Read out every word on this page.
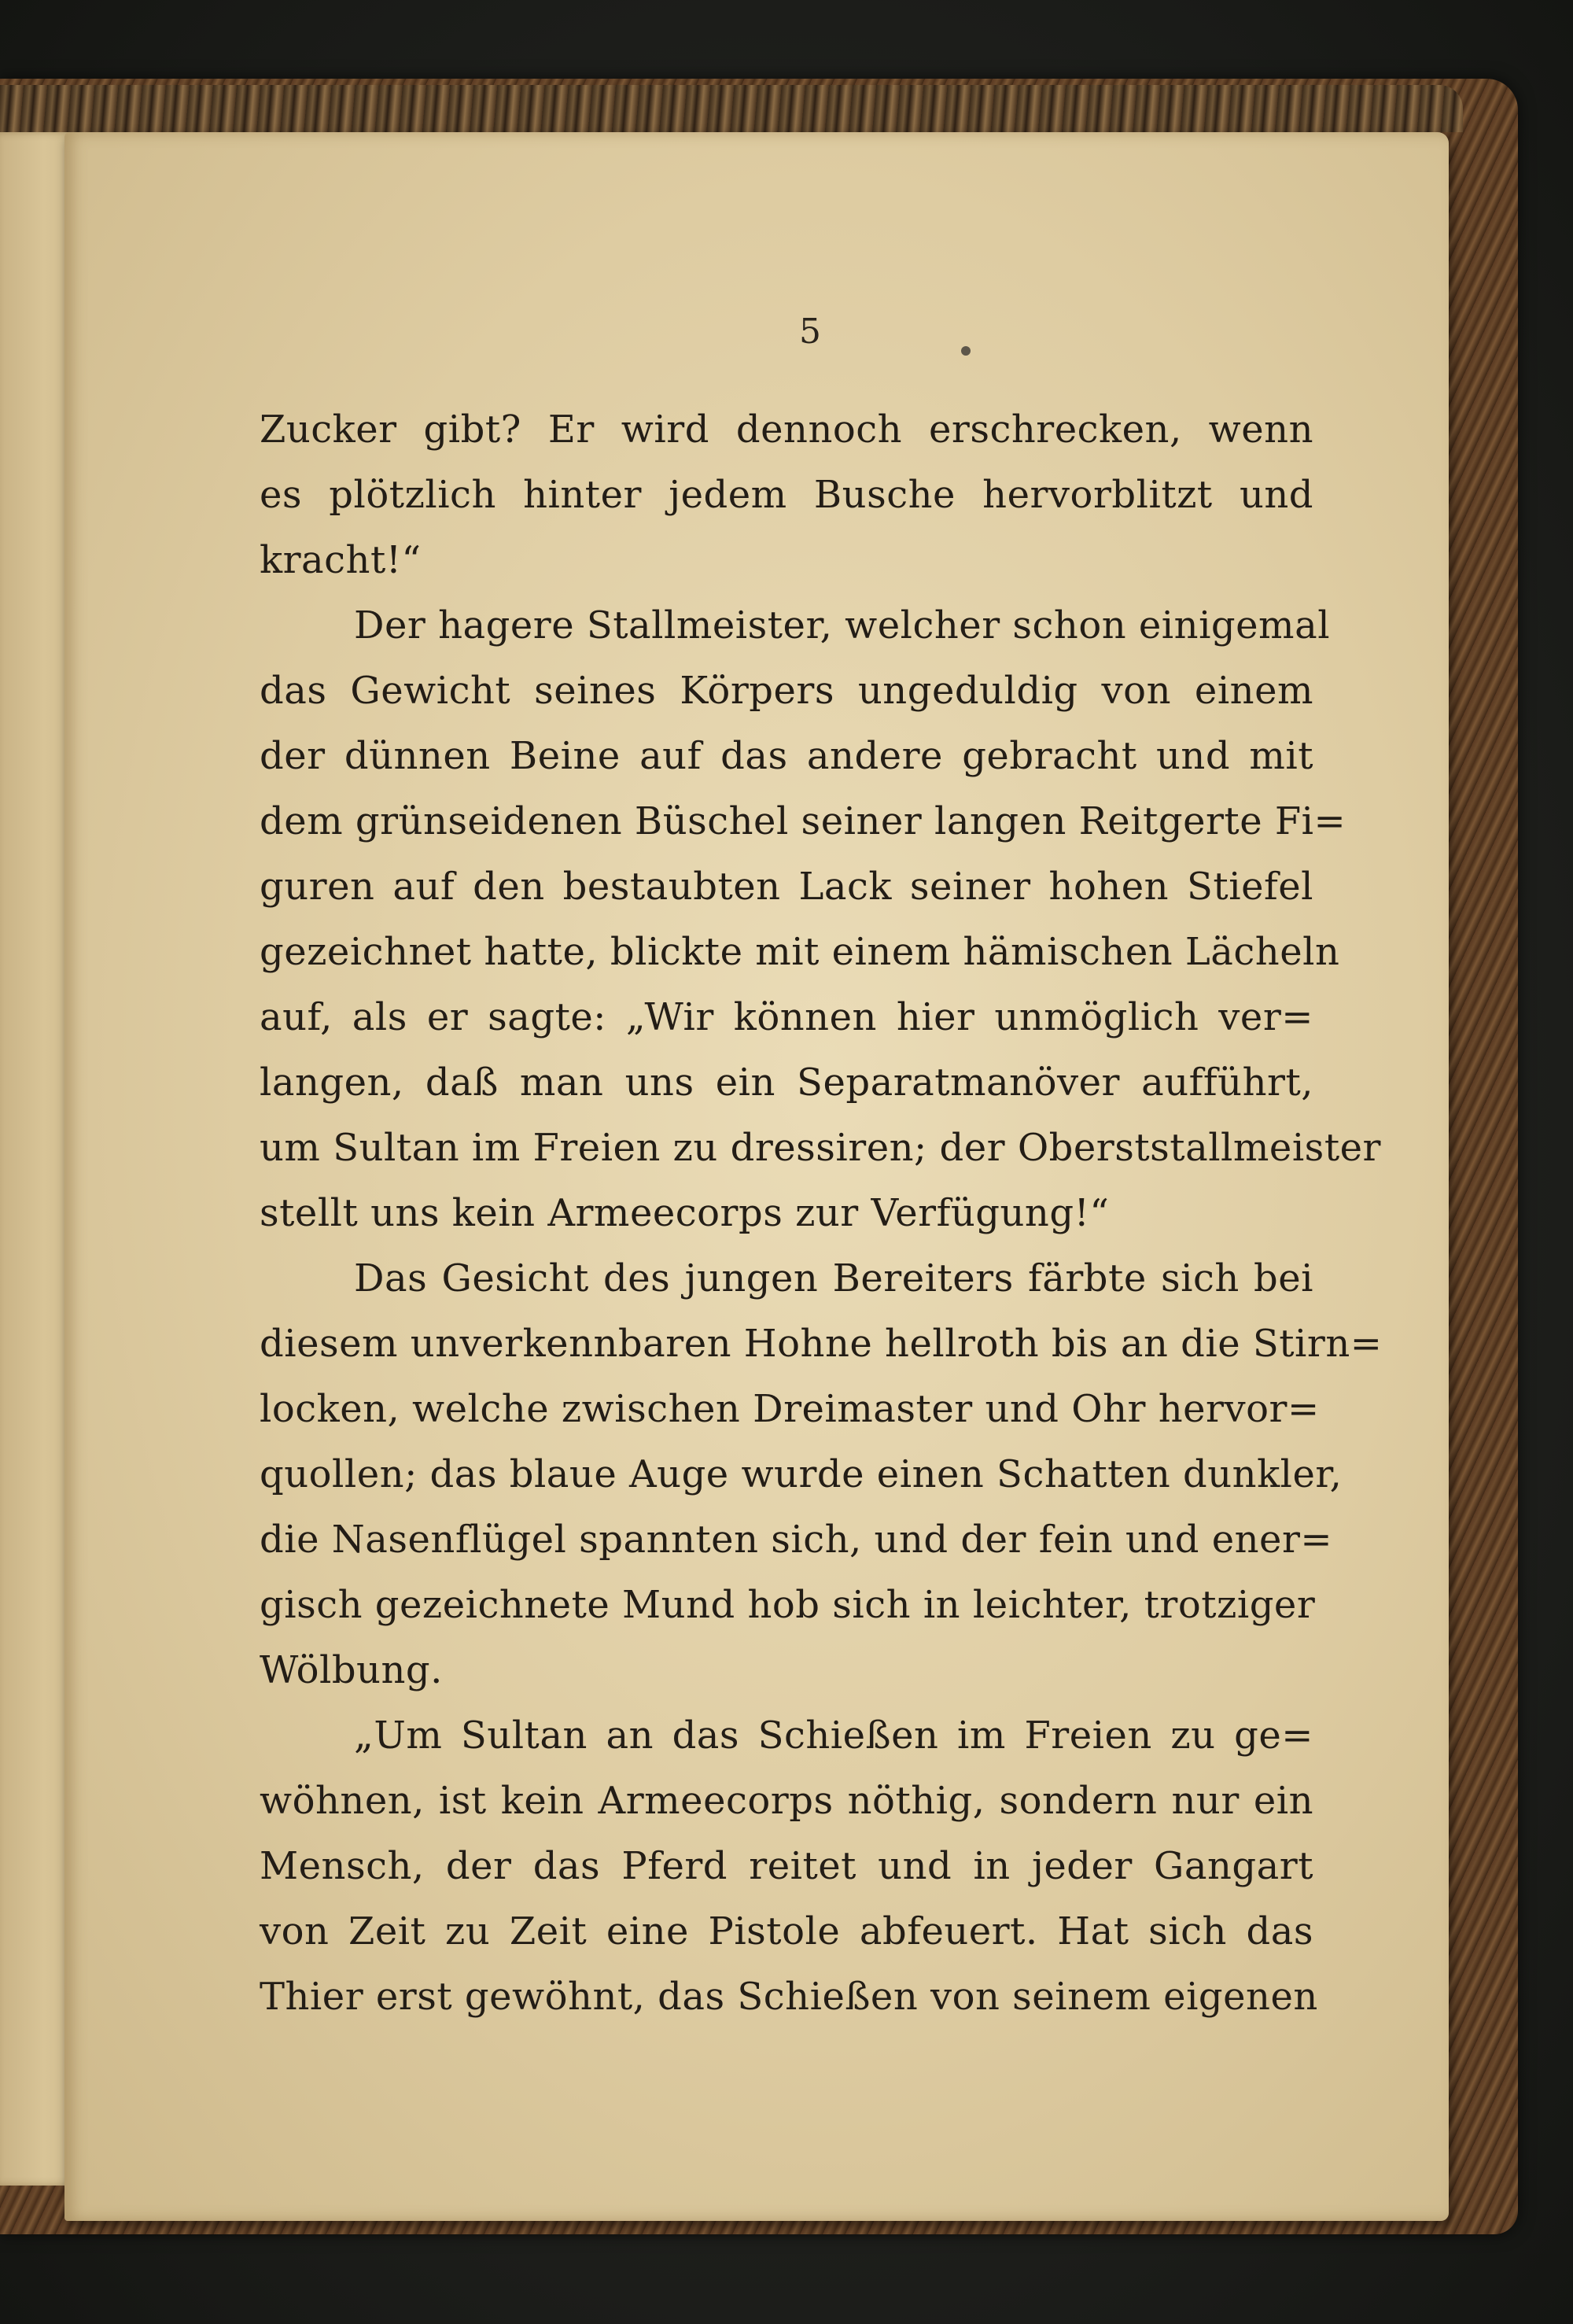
5
Zucker gibt? Er wird dennoch erschrecken, wenn
es plötzlich hinter jedem Busche hervorblitzt und
kracht!“
Der hagere Stallmeister, welcher schon einigemal
das Gewicht seines Körpers ungeduldig von einem
der dünnen Beine auf das andere gebracht und mit
dem grünseidenen Büschel seiner langen Reitgerte Fi=
guren auf den bestaubten Lack seiner hohen Stiefel
gezeichnet hatte, blickte mit einem hämischen Lächeln
auf, als er sagte: „Wir können hier unmöglich ver=
langen, daß man uns ein Separatmanöver aufführt,
um Sultan im Freien zu dressiren; der Oberststallmeister
stellt uns kein Armeecorps zur Verfügung!“
Das Gesicht des jungen Bereiters färbte sich bei
diesem unverkennbaren Hohne hellroth bis an die Stirn=
locken, welche zwischen Dreimaster und Ohr hervor=
quollen; das blaue Auge wurde einen Schatten dunkler,
die Nasenflügel spannten sich, und der fein und ener=
gisch gezeichnete Mund hob sich in leichter, trotziger
Wölbung.
„Um Sultan an das Schießen im Freien zu ge=
wöhnen, ist kein Armeecorps nöthig, sondern nur ein
Mensch, der das Pferd reitet und in jeder Gangart
von Zeit zu Zeit eine Pistole abfeuert. Hat sich das
Thier erst gewöhnt, das Schießen von seinem eigenen
